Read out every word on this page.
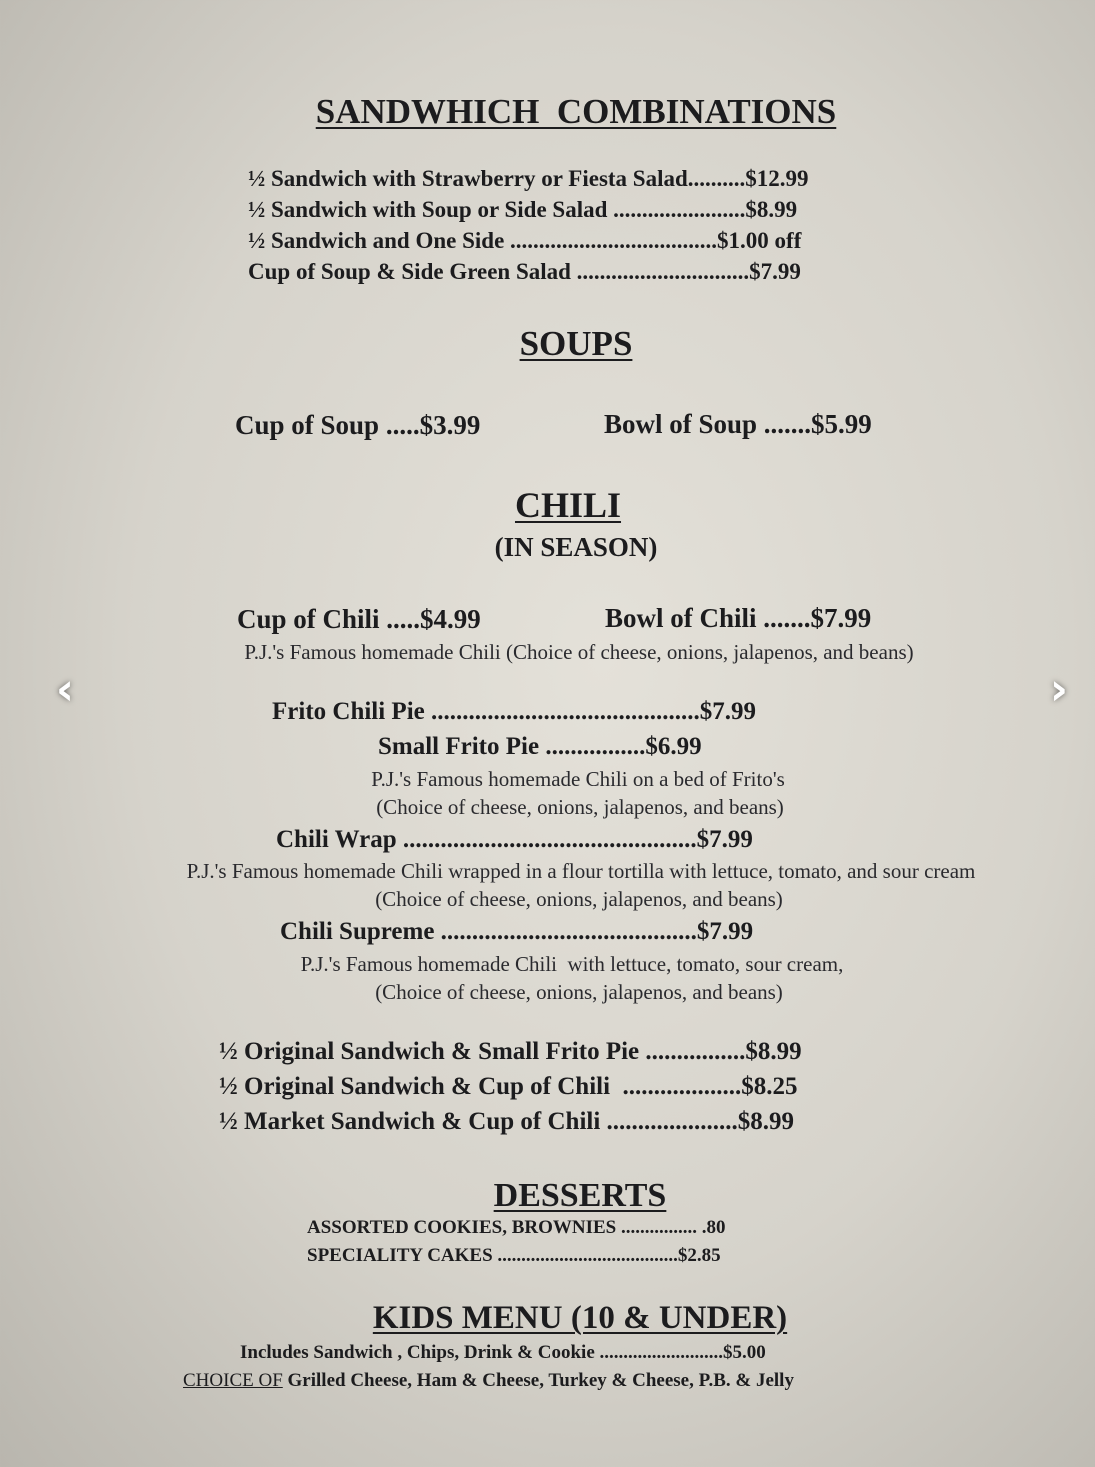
SANDWHICH  COMBINATIONS
½ Sandwich with Strawberry or Fiesta Salad..........$12.99
½ Sandwich with Soup or Side Salad .......................$8.99
½ Sandwich and One Side ....................................$1.00 off
Cup of Soup & Side Green Salad ..............................$7.99
SOUPS
Cup of Soup .....$3.99	Bowl of Soup .......$5.99
CHILI
(IN SEASON)
Cup of Chili .....$4.99	Bowl of Chili .......$7.99
P.J.'s Famous homemade Chili (Choice of cheese, onions, jalapenos, and beans)
Frito Chili Pie ...........................................$7.99
Small Frito Pie ................$6.99
P.J.'s Famous homemade Chili on a bed of Frito's
(Choice of cheese, onions, jalapenos, and beans)
Chili Wrap ...............................................$7.99
P.J.'s Famous homemade Chili wrapped in a flour tortilla with lettuce, tomato, and sour cream
(Choice of cheese, onions, jalapenos, and beans)
Chili Supreme .........................................$7.99
P.J.'s Famous homemade Chili  with lettuce, tomato, sour cream,
(Choice of cheese, onions, jalapenos, and beans)
½ Original Sandwich & Small Frito Pie ................$8.99
½ Original Sandwich & Cup of Chili  ...................$8.25
½ Market Sandwich & Cup of Chili .....................$8.99
DESSERTS
ASSORTED COOKIES, BROWNIES ................ .80
SPECIALITY CAKES ......................................$2.85
KIDS MENU (10 & UNDER)
Includes Sandwich , Chips, Drink & Cookie ..........................$5.00
CHOICE OF Grilled Cheese, Ham & Cheese, Turkey & Cheese, P.B. & Jelly
‹	›
